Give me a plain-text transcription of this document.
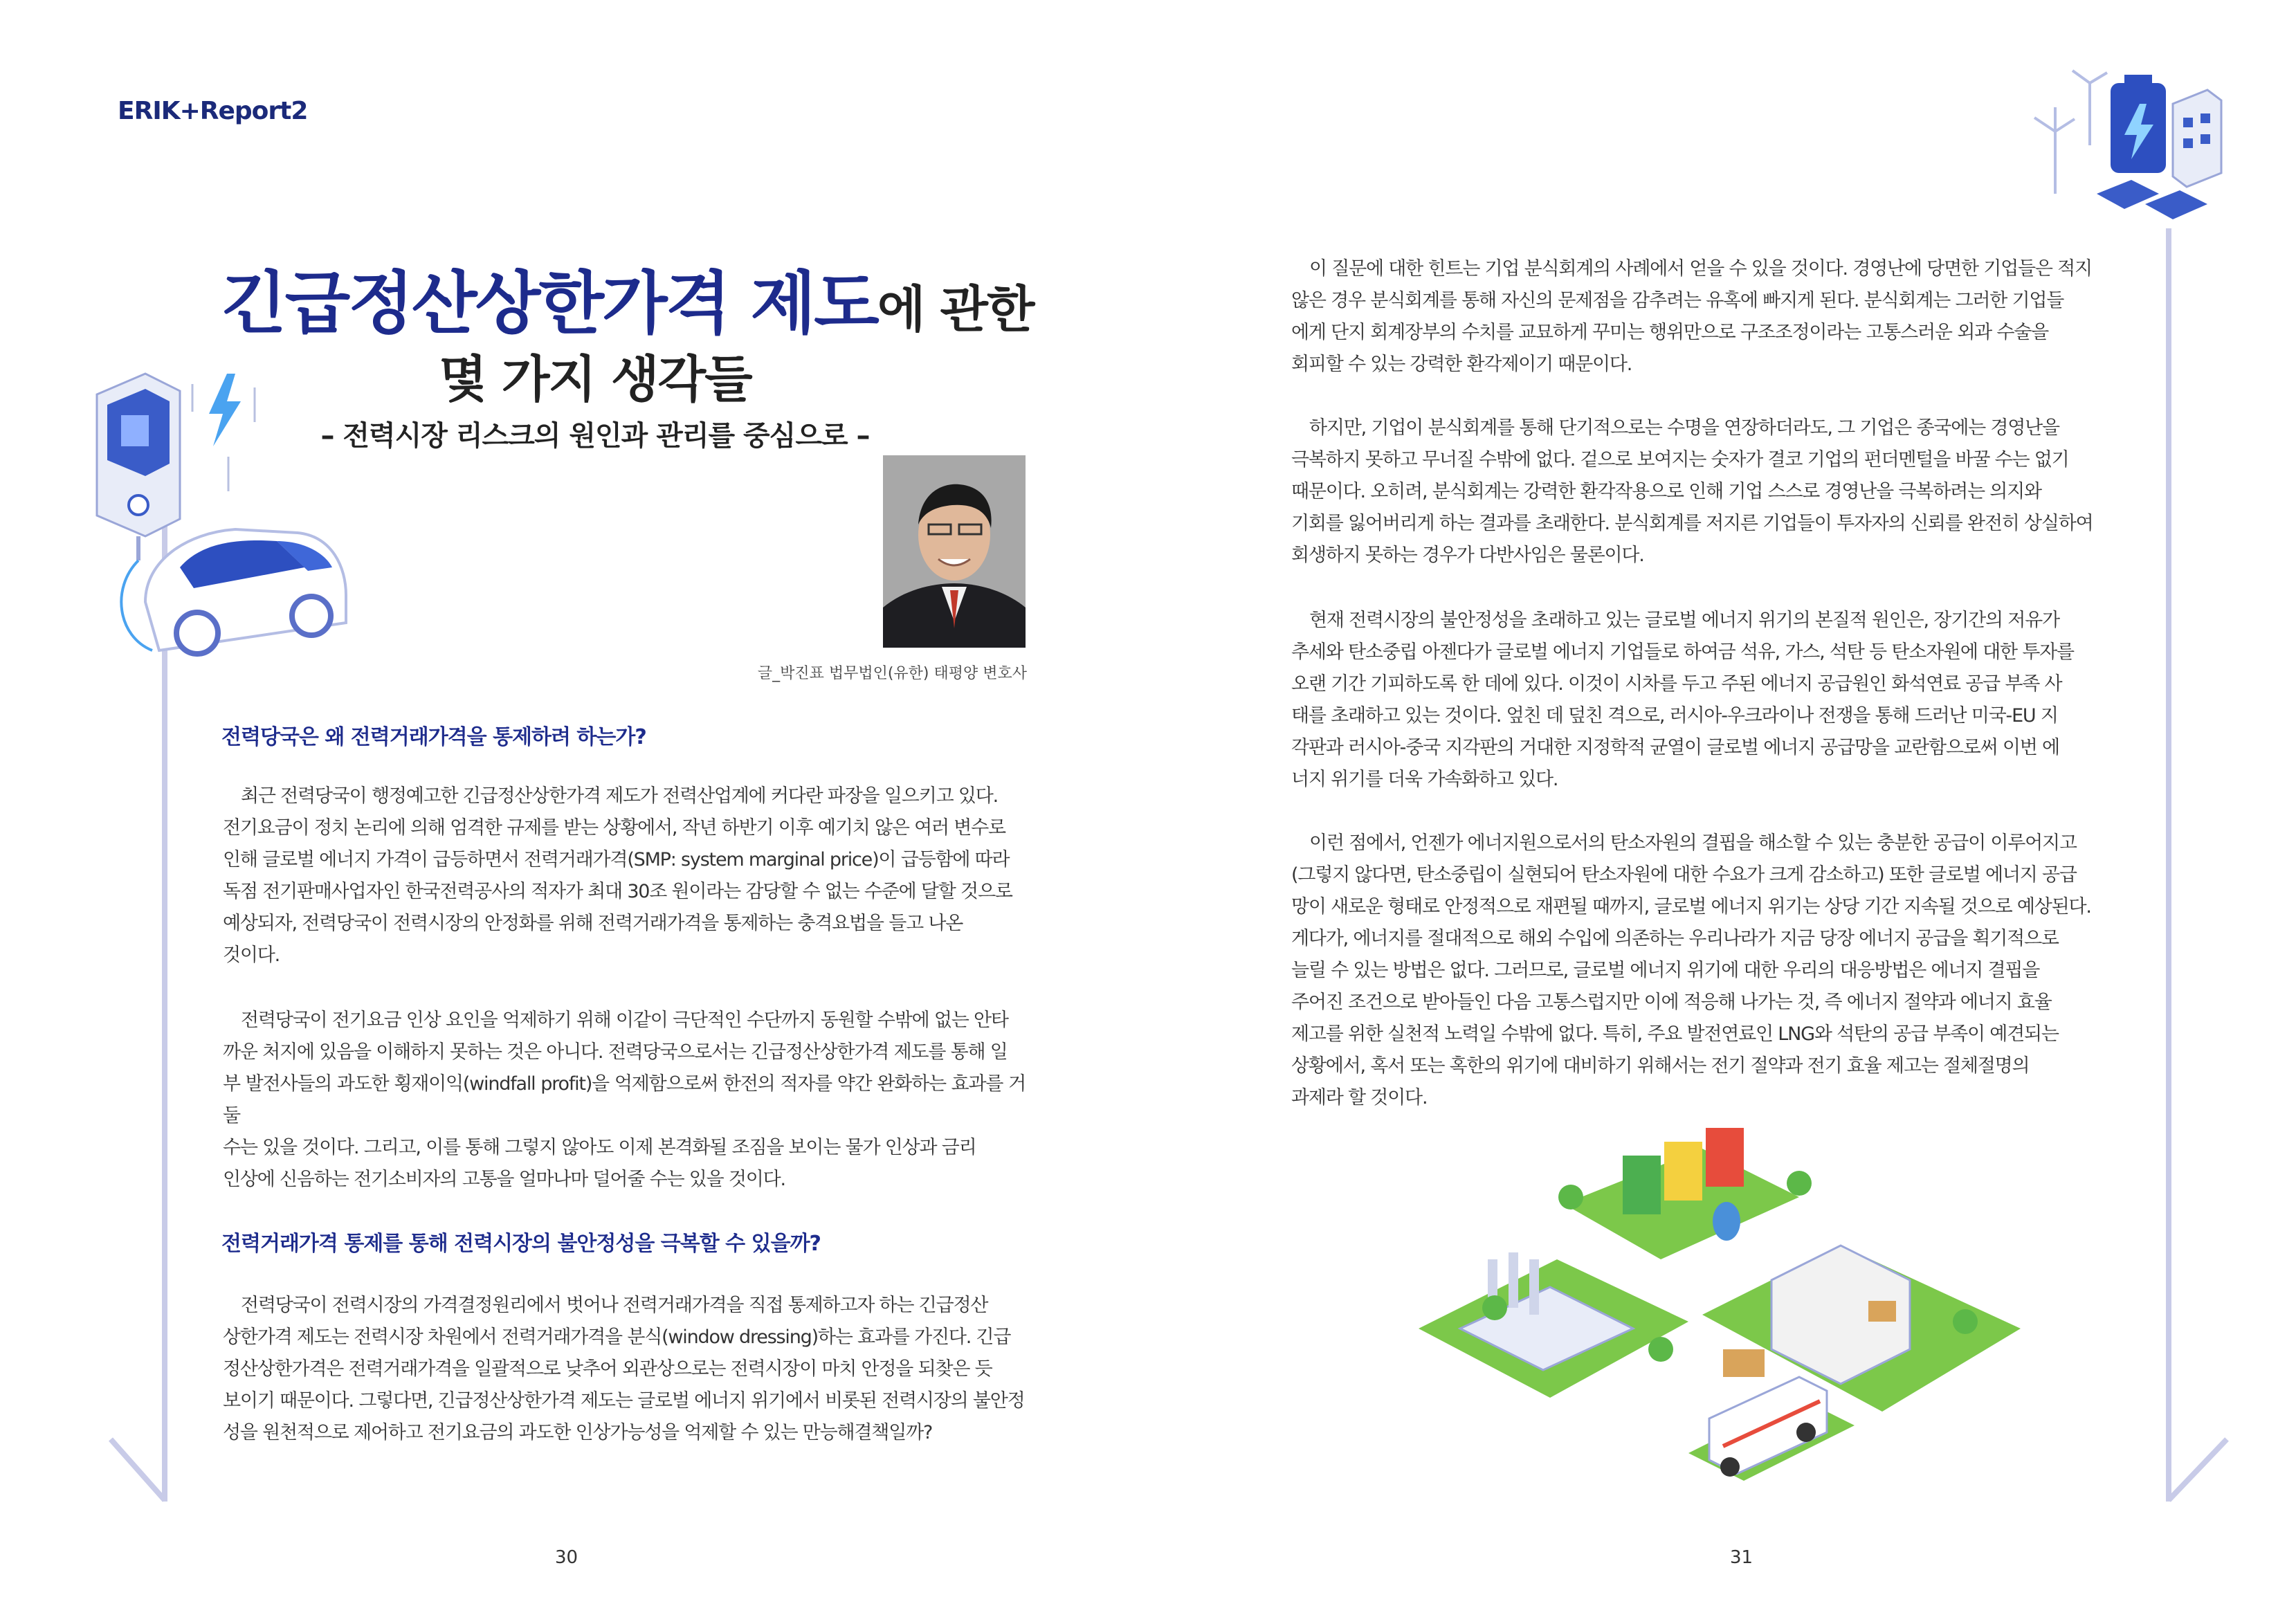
ERIK+Report2
긴급정산상한가격 제도에 관한
몇 가지 생각들
– 전력시장 리스크의 원인과 관리를 중심으로 –
글_박진표 법무법인(유한) 태평양 변호사
전력당국은 왜 전력거래가격을 통제하려 하는가?
최근 전력당국이 행정예고한 긴급정산상한가격 제도가 전력산업계에 커다란 파장을 일으키고 있다.
전기요금이 정치 논리에 의해 엄격한 규제를 받는 상황에서, 작년 하반기 이후 예기치 않은 여러 변수로
인해 글로벌 에너지 가격이 급등하면서 전력거래가격(SMP: system marginal price)이 급등함에 따라
독점 전기판매사업자인 한국전력공사의 적자가 최대 30조 원이라는 감당할 수 없는 수준에 달할 것으로
예상되자, 전력당국이 전력시장의 안정화를 위해 전력거래가격을 통제하는 충격요법을 들고 나온
것이다.
전력당국이 전기요금 인상 요인을 억제하기 위해 이같이 극단적인 수단까지 동원할 수밖에 없는 안타
까운 처지에 있음을 이해하지 못하는 것은 아니다. 전력당국으로서는 긴급정산상한가격 제도를 통해 일
부 발전사들의 과도한 횡재이익(windfall profit)을 억제함으로써 한전의 적자를 약간 완화하는 효과를 거둘
수는 있을 것이다. 그리고, 이를 통해 그렇지 않아도 이제 본격화될 조짐을 보이는 물가 인상과 금리
인상에 신음하는 전기소비자의 고통을 얼마나마 덜어줄 수는 있을 것이다.
전력거래가격 통제를 통해 전력시장의 불안정성을 극복할 수 있을까?
전력당국이 전력시장의 가격결정원리에서 벗어나 전력거래가격을 직접 통제하고자 하는 긴급정산
상한가격 제도는 전력시장 차원에서 전력거래가격을 분식(window dressing)하는 효과를 가진다. 긴급
정산상한가격은 전력거래가격을 일괄적으로 낮추어 외관상으로는 전력시장이 마치 안정을 되찾은 듯
보이기 때문이다. 그렇다면, 긴급정산상한가격 제도는 글로벌 에너지 위기에서 비롯된 전력시장의 불안정
성을 원천적으로 제어하고 전기요금의 과도한 인상가능성을 억제할 수 있는 만능해결책일까?
30
이 질문에 대한 힌트는 기업 분식회계의 사례에서 얻을 수 있을 것이다. 경영난에 당면한 기업들은 적지
않은 경우 분식회계를 통해 자신의 문제점을 감추려는 유혹에 빠지게 된다. 분식회계는 그러한 기업들
에게 단지 회계장부의 수치를 교묘하게 꾸미는 행위만으로 구조조정이라는 고통스러운 외과 수술을
회피할 수 있는 강력한 환각제이기 때문이다.
하지만, 기업이 분식회계를 통해 단기적으로는 수명을 연장하더라도, 그 기업은 종국에는 경영난을
극복하지 못하고 무너질 수밖에 없다. 겉으로 보여지는 숫자가 결코 기업의 펀더멘털을 바꿀 수는 없기
때문이다. 오히려, 분식회계는 강력한 환각작용으로 인해 기업 스스로 경영난을 극복하려는 의지와
기회를 잃어버리게 하는 결과를 초래한다. 분식회계를 저지른 기업들이 투자자의 신뢰를 완전히 상실하여
회생하지 못하는 경우가 다반사임은 물론이다.
현재 전력시장의 불안정성을 초래하고 있는 글로벌 에너지 위기의 본질적 원인은, 장기간의 저유가
추세와 탄소중립 아젠다가 글로벌 에너지 기업들로 하여금 석유, 가스, 석탄 등 탄소자원에 대한 투자를
오랜 기간 기피하도록 한 데에 있다. 이것이 시차를 두고 주된 에너지 공급원인 화석연료 공급 부족 사
태를 초래하고 있는 것이다. 엎친 데 덮친 격으로, 러시아-우크라이나 전쟁을 통해 드러난 미국-EU 지
각판과 러시아-중국 지각판의 거대한 지정학적 균열이 글로벌 에너지 공급망을 교란함으로써 이번 에
너지 위기를 더욱 가속화하고 있다.
이런 점에서, 언젠가 에너지원으로서의 탄소자원의 결핍을 해소할 수 있는 충분한 공급이 이루어지고
(그렇지 않다면, 탄소중립이 실현되어 탄소자원에 대한 수요가 크게 감소하고) 또한 글로벌 에너지 공급
망이 새로운 형태로 안정적으로 재편될 때까지, 글로벌 에너지 위기는 상당 기간 지속될 것으로 예상된다.
게다가, 에너지를 절대적으로 해외 수입에 의존하는 우리나라가 지금 당장 에너지 공급을 획기적으로
늘릴 수 있는 방법은 없다. 그러므로, 글로벌 에너지 위기에 대한 우리의 대응방법은 에너지 결핍을
주어진 조건으로 받아들인 다음 고통스럽지만 이에 적응해 나가는 것, 즉 에너지 절약과 에너지 효율
제고를 위한 실천적 노력일 수밖에 없다. 특히, 주요 발전연료인 LNG와 석탄의 공급 부족이 예견되는
상황에서, 혹서 또는 혹한의 위기에 대비하기 위해서는 전기 절약과 전기 효율 제고는 절체절명의
과제라 할 것이다.
31
